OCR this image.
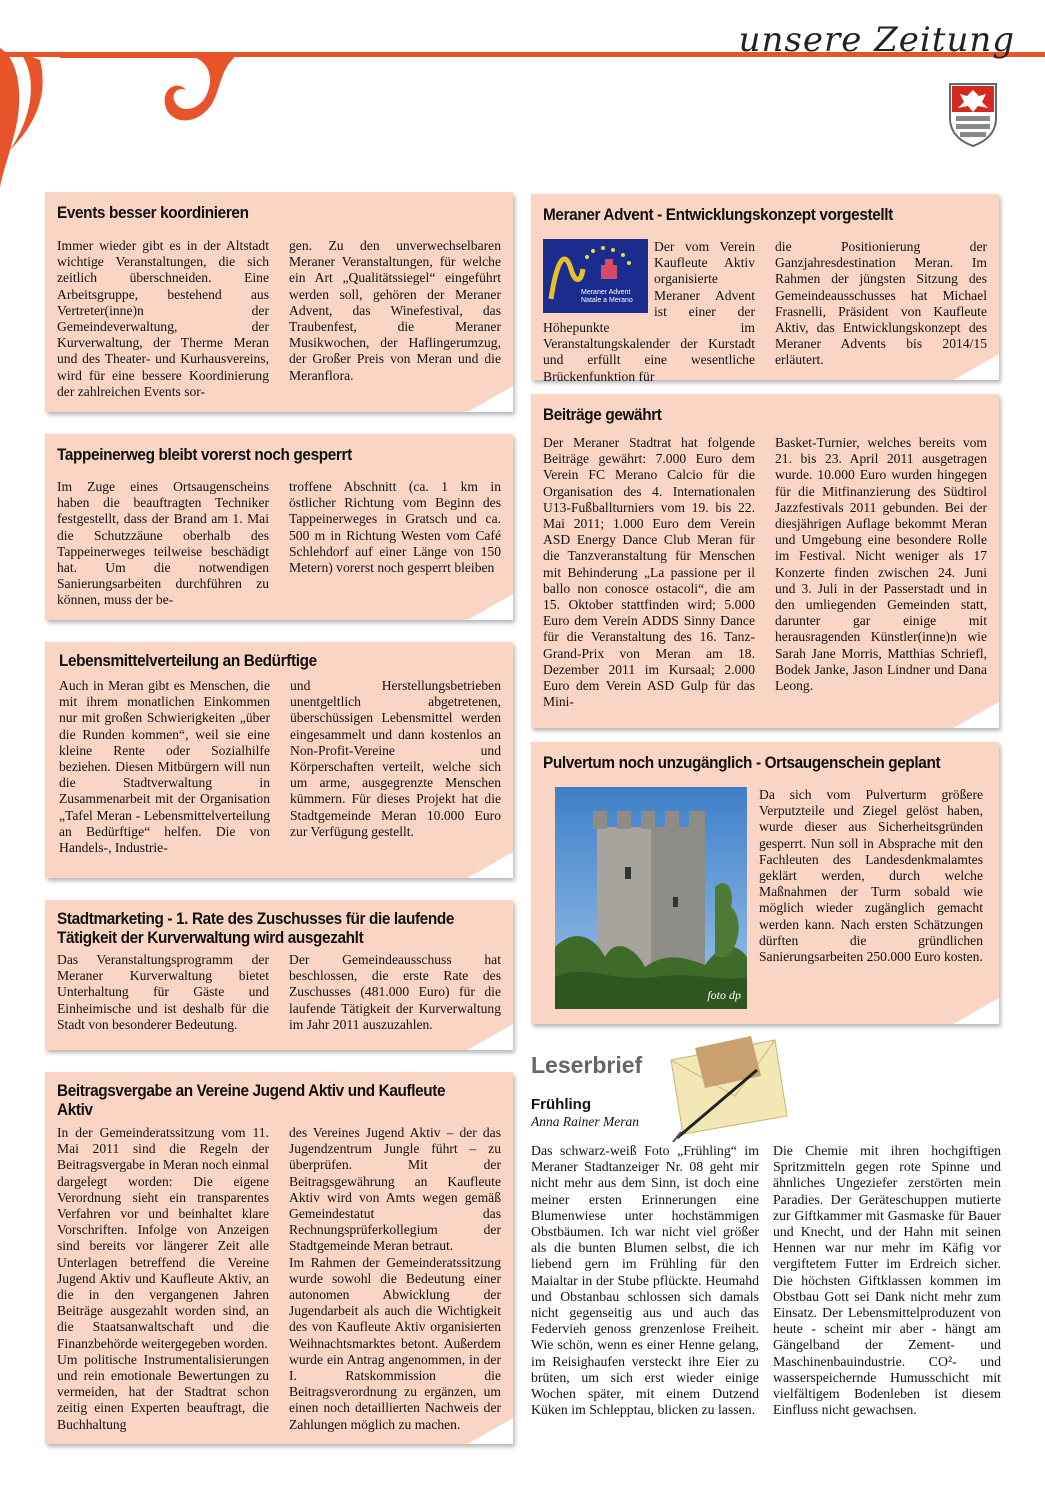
unsere Zeitung
Events besser koordinieren
Immer wieder gibt es in der Altstadt wichtige Veranstaltungen, die sich zeitlich überschneiden. Eine Arbeitsgruppe, bestehend aus Vertreter(inne)n der Gemeindeverwaltung, der Kurverwaltung, der Therme Meran und des Theater- und Kurhausvereins, wird für eine bessere Koordinierung der zahlreichen Events sor-
gen. Zu den unverwechselbaren Meraner Veranstaltungen, für welche ein Art „Qualitätssiegel“ eingeführt werden soll, gehören der Meraner Advent, das Winefestival, das Traubenfest, die Meraner Musikwochen, der Haflingerumzug, der Großer Preis von Meran und die Meranflora.
Tappeinerweg bleibt vorerst noch gesperrt
Im Zuge eines Ortsaugenscheins haben die beauftragten Techniker festgestellt, dass der Brand am 1. Mai die Schutzzäune oberhalb des Tappeinerweges teilweise beschädigt hat. Um die notwendigen Sanierungsarbeiten durchführen zu können, muss der be-
troffene Abschnitt (ca. 1 km in östlicher Richtung vom Beginn des Tappeinerweges in Gratsch und ca. 500 m in Richtung Westen vom Café Schlehdorf auf einer Länge von 150 Metern) vorerst noch gesperrt bleiben
Lebensmittelverteilung an Bedürftige
Auch in Meran gibt es Menschen, die mit ihrem monatlichen Einkommen nur mit großen Schwierigkeiten „über die Runden kommen“, weil sie eine kleine Rente oder Sozialhilfe beziehen. Diesen Mitbürgern will nun die Stadtverwaltung in Zusammenarbeit mit der Organisation „Tafel Meran - Lebensmittelverteilung an Bedürftige“ helfen. Die von Handels-, Industrie-
und Herstellungsbetrieben unentgeltlich abgetretenen, überschüssigen Lebensmittel werden eingesammelt und dann kostenlos an Non-Profit-Vereine und Körperschaften verteilt, welche sich um arme, ausgegrenzte Menschen kümmern. Für dieses Projekt hat die Stadtgemeinde Meran 10.000 Euro zur Verfügung gestellt.
Stadtmarketing - 1. Rate des Zuschusses für die laufende Tätigkeit der Kurverwaltung wird ausgezahlt
Das Veranstaltungsprogramm der Meraner Kurverwaltung bietet Unterhaltung für Gäste und Einheimische und ist deshalb für die Stadt von besonderer Bedeutung.
Der Gemeindeausschuss hat beschlossen, die erste Rate des Zuschusses (481.000 Euro) für die laufende Tätigkeit der Kurverwaltung im Jahr 2011 auszuzahlen.
Beitragsvergabe an Vereine Jugend Aktiv und Kaufleute Aktiv

In der Gemeinderatssitzung vom 11. Mai 2011 sind die Regeln der Beitragsvergabe in Meran noch einmal dargelegt worden: Die eigene Verordnung sieht ein transparentes Verfahren vor und beinhaltet klare Vorschriften. Infolge von Anzeigen sind bereits vor längerer Zeit alle Unterlagen betreffend die Vereine Jugend Aktiv und Kaufleute Aktiv, an die in den vergangenen Jahren Beiträge ausgezahlt worden sind, an die Staatsanwaltschaft und die Finanzbehörde weitergegeben worden.

Um politische Instrumentalisierungen und rein emotionale Bewertungen zu vermeiden, hat der Stadtrat schon zeitig einen Experten beauftragt, die Buchhaltung

des Vereines Jugend Aktiv – der das Jugendzentrum Jungle führt – zu überprüfen. Mit der Beitragsgewährung an Kaufleute Aktiv wird von Amts wegen gemäß Gemeindestatut das Rechnungsprüferkollegium der Stadtgemeinde Meran betraut.

Im Rahmen der Gemeinderatssitzung wurde sowohl die Bedeutung einer autonomen Abwicklung der Jugendarbeit als auch die Wichtigkeit des von Kaufleute Aktiv organisierten Weihnachtsmarktes betont. Außerdem wurde ein Antrag angenommen, in der I. Ratskommission die Beitragsverordnung zu ergänzen, um einen noch detaillierten Nachweis der Zahlungen möglich zu machen.

Meraner Advent - Entwicklungskonzept vorgestellt
Meraner Advent
Natale a Merano

Der vom Verein Kaufleute Aktiv organisierte Meraner Advent ist einer der Höhepunkte im Veranstaltungskalender der Kurstadt und erfüllt eine wesentliche Brückenfunktion für

die Positionierung der Ganzjahresdestination Meran. Im Rahmen der jüngsten Sitzung des Gemeindeausschusses hat Michael Frasnelli, Präsident von Kaufleute Aktiv, das Entwicklungskonzept des Meraner Advents bis 2014/15 erläutert.
Beiträge gewährt
Der Meraner Stadtrat hat folgende Beiträge gewährt: 7.000 Euro dem Verein FC Merano Calcio für die Organisation des 4. Internationalen U13-Fußballturniers vom 19. bis 22. Mai 2011; 1.000 Euro dem Verein ASD Energy Dance Club Meran für die Tanzveranstaltung für Menschen mit Behinderung „La passione per il ballo non conosce ostacoli“, die am 15. Oktober stattfinden wird; 5.000 Euro dem Verein ADDS Sinny Dance für die Veranstaltung des 16. Tanz-Grand-Prix von Meran am 18. Dezember 2011 im Kursaal; 2.000 Euro dem Verein ASD Gulp für das Mini-
Basket-Turnier, welches bereits vom 21. bis 23. April 2011 ausgetragen wurde. 10.000 Euro wurden hingegen für die Mitfinanzierung des Südtirol Jazzfestivals 2011 gebunden. Bei der diesjährigen Auflage bekommt Meran und Umgebung eine besondere Rolle im Festival. Nicht weniger als 17 Konzerte finden zwischen 24. Juni und 3. Juli in der Passerstadt und in den umliegenden Gemeinden statt, darunter gar einige mit herausragenden Künstler(inne)n wie Sarah Jane Morris, Matthias Schriefl, Bodek Janke, Jason Lindner und Dana Leong.
Pulvertum noch unzugänglich - Ortsaugenschein geplant
foto dp
Da sich vom Pulverturm größere Verputzteile und Ziegel gelöst haben, wurde dieser aus Sicherheitsgründen gesperrt. Nun soll in Absprache mit den Fachleuten des Landesdenkmalamtes geklärt werden, durch welche Maßnahmen der Turm sobald wie möglich wieder zugänglich gemacht werden kann. Nach ersten Schätzungen dürften die gründlichen Sanierungsarbeiten 250.000 Euro kosten.
Leserbrief
Frühling
Anna Rainer Meran
Das schwarz-weiß Foto „Frühling“ im Meraner Stadtanzeiger Nr. 08 geht mir nicht mehr aus dem Sinn, ist doch eine meiner ersten Erinnerungen eine Blumenwiese unter hochstämmigen Obstbäumen. Ich war nicht viel größer als die bunten Blumen selbst, die ich liebend gern im Frühling für den Maialtar in der Stube pflückte. Heumahd und Obstanbau schlossen sich damals nicht gegenseitig aus und auch das Federvieh genoss grenzenlose Freiheit. Wie schön, wenn es einer Henne gelang, im Reisighaufen versteckt ihre Eier zu brüten, um sich erst wieder einige Wochen später, mit einem Dutzend Küken im Schlepptau, blicken zu lassen.
Die Chemie mit ihren hochgiftigen Spritzmitteln gegen rote Spinne und ähnliches Ungeziefer zerstörten mein Paradies. Der Geräteschuppen mutierte zur Giftkammer mit Gasmaske für Bauer und Knecht, und der Hahn mit seinen Hennen war nur mehr im Käfig vor vergiftetem Futter im Erdreich sicher. Die höchsten Giftklassen kommen im Obstbau Gott sei Dank nicht mehr zum Einsatz. Der Lebensmittelproduzent von heute - scheint mir aber - hängt am Gängelband der Zement- und Maschinenbauindustrie. CO²- und wasserspeichernde Humusschicht mit vielfältigem Bodenleben ist diesem Einfluss nicht gewachsen.
